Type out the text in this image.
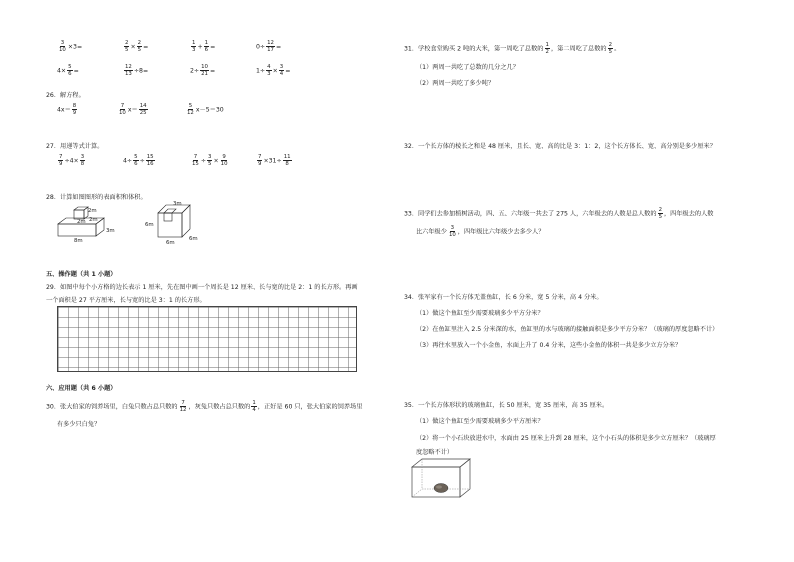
$\frac{3}{10} \times 3=$	$\frac{2}{5} \times \frac{2}{5}$ =	$\frac{1}{3} + \frac{1}{6}$ =	$0\div \frac{12}{17}$ =
$4\times \frac{5}{6}$ =	$\frac{12}{13} \div 8=$	$2\div \frac{10}{21}$ =	$1\div \frac{4}{3} \times \frac{3}{4}$ =
26．解方程。
$4x= \frac{8}{9}$	$\frac{7}{10} x= \frac{14}{25}$	$\frac{5}{12} x-5=30$
27．用递等式计算。
$\frac{7}{9} \div 4\times \frac{3}{8}$	$4\div \frac{5}{6} \div \frac{15}{16}$	$\frac{7}{15} \div \frac{3}{5} \times \frac{9}{10}$	$\frac{7}{9} \times 31\div \frac{11}{8}$
28．计算如图图形的表面积和体积。
2m
2m 2m
3m
8m
3m
6m
6m
6m
五、操作题（共 1 小题）
29．如图中每个小方格的边长表示 1 厘米，先在图中画一个周长是 12 厘米、长与宽的比是 2：1 的长方形。再画
一个面积是 27 平方厘米，长与宽的比是 3：1 的长方形。
六、应用题（共 6 小题）
30．张大伯家的饲养场里，白兔只数占总只数的 $\frac{7}{12}$ ，灰兔只数占总只数的 $\frac{1}{4}$ ，正好是 60 只，张大伯家的饲养场里
有多少只白兔？
31．学校食堂购买 2 吨的大米，第一周吃了总数的 $\frac{1}{2}$ ，第二周吃了总数的 $\frac{2}{5}$ 。
（1）两周一共吃了总数的几分之几？
（2）两周一共吃了多少吨？
32．一个长方体的棱长之和是 48 厘米，且长、宽、高的比是 3：1：2，这个长方体长、宽、高分别是多少厘米？
33．同学们去参加植树活动，四、五、六年级一共去了 275 人，六年级去的人数是总人数的 $\frac{2}{5}$ ，四年级去的人数
比六年级少 $\frac{3}{10}$ ，四年级比六年级少去多少人？
34．张军家有一个长方体无盖鱼缸，长 6 分米，宽 5 分米，高 4 分米。
（1）做这个鱼缸至少需要玻璃多少平方分米？
（2）在鱼缸里注入 2.5 分米深的水，鱼缸里的水与玻璃的接触面积是多少平方分米？（玻璃的厚度忽略不计）
（3）再往水里放入一个小金鱼，水面上升了 0.4 分米，这些小金鱼的体积一共是多少立方分米？
35．一个长方体形状的玻璃鱼缸，长 50 厘米，宽 35 厘米，高 35 厘米。
（1）做这个鱼缸至少需要玻璃多少平方厘米？
（2）将一个小石块放进水中，水面由 25 厘米上升到 28 厘米，这个小石头的体积是多少立方厘米？（玻璃厚
度忽略不计）
